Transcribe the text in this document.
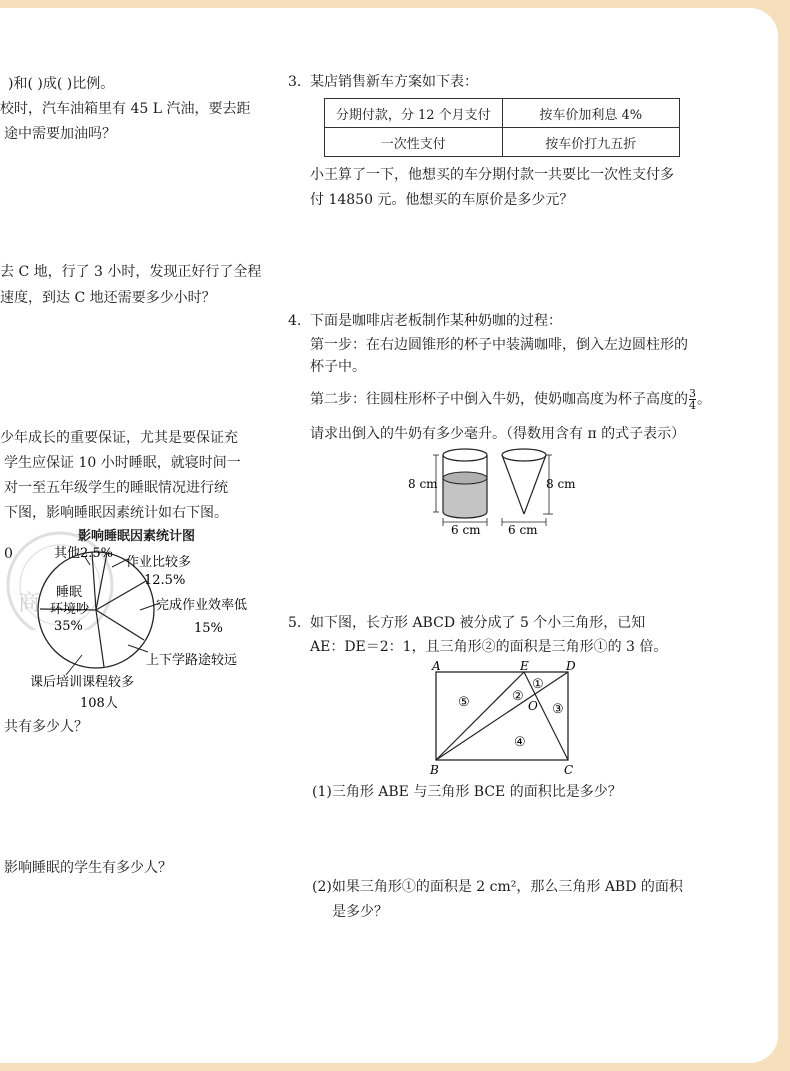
)和( )成( )比例。
校时，汽车油箱里有 45 L 汽油，要去距
途中需要加油吗？
去 C 地，行了 3 小时，发现正好行了全程
速度，到达 C 地还需要多少小时？
少年成长的重要保证，尤其是要保证充
学生应保证 10 小时睡眠，就寝时间一
对一至五年级学生的睡眠情况进行统
下图，影响睡眠因素统计如右下图。
0
共有多少人？
影响睡眠的学生有多少人？
商
影响睡眠因素统计图
其他2.5%
作业比较多
12.5%
完成作业效率低
15%
上下学路途较远
课后培训课程较多
108人
睡眠
环境吵
35%
3. 某店销售新车方案如下表：
分期付款，分 12 个月支付	按车价加利息 4%
一次性支付	按车价打九五折
小王算了一下，他想买的车分期付款一共要比一次性支付多
付 14850 元。他想买的车原价是多少元？
4. 下面是咖啡店老板制作某种奶咖的过程：
第一步：在右边圆锥形的杯子中装满咖啡，倒入左边圆柱形的
杯子中。
第二步：往圆柱形杯子中倒入牛奶，使奶咖高度为杯子高度的 $\frac{3}{4}$ 。
请求出倒入的牛奶有多少毫升。（得数用含有 π 的式子表示）
8 cm
6 cm
8 cm
6 cm
5. 如下图，长方形 ABCD 被分成了 5 个小三角形，已知
AE：DE＝2：1，且三角形②的面积是三角形①的 3 倍。
A	E	D
B	C
O
①
②
③
④
⑤
(1)三角形 ABE 与三角形 BCE 的面积比是多少？
(2)如果三角形①的面积是 2 cm²，那么三角形 ABD 的面积
是多少？
